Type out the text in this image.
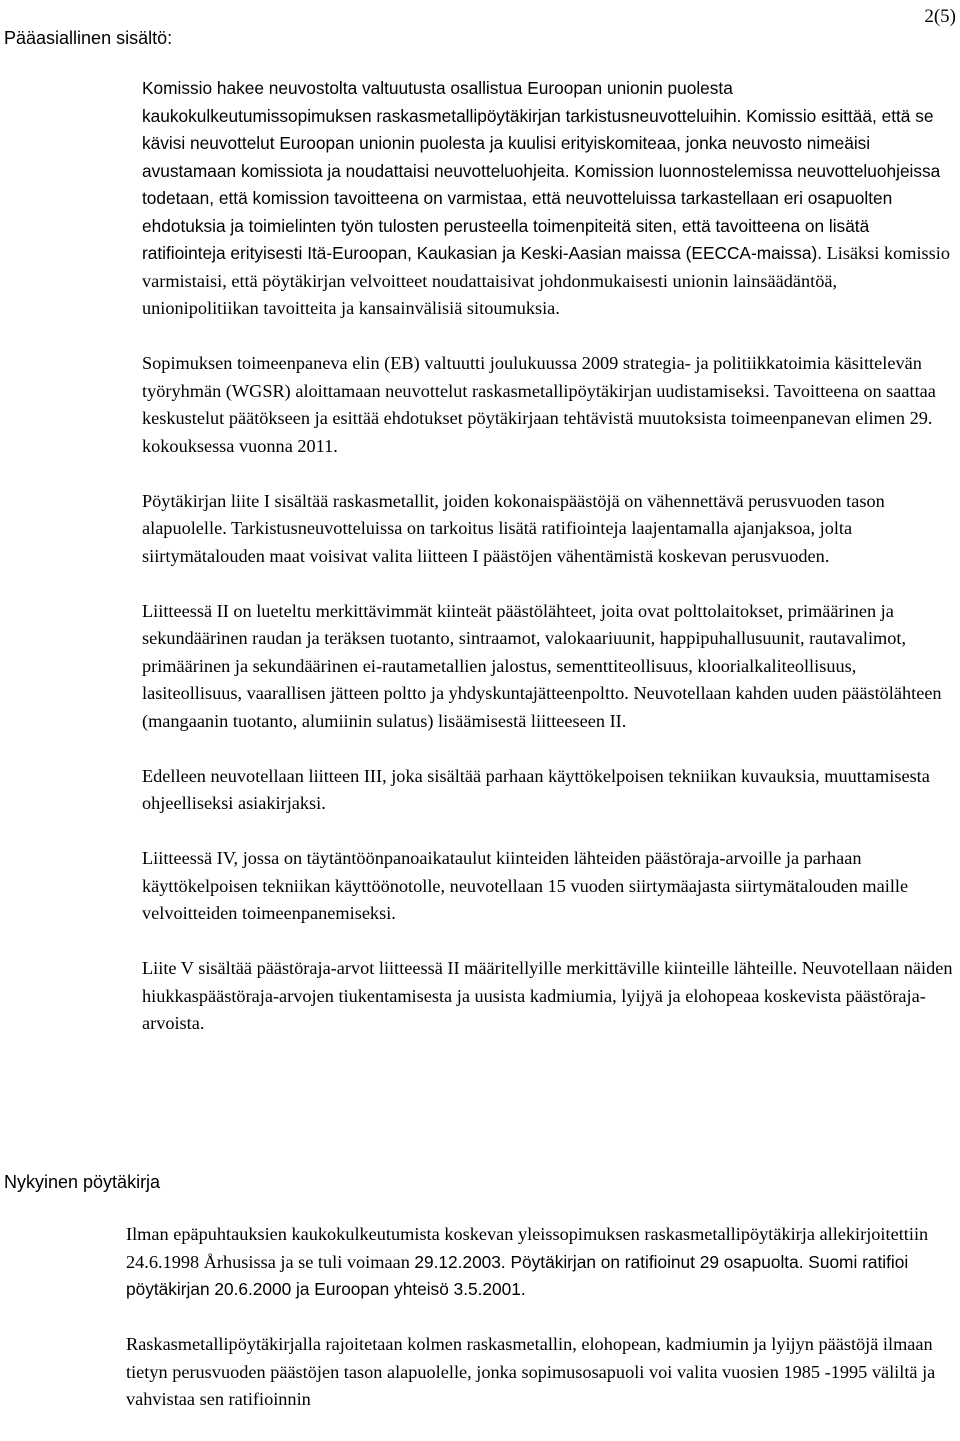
2(5)
Pääasiallinen sisältö:

Komissio hakee neuvostolta valtuutusta osallistua Euroopan unionin puolesta kaukokulkeutumissopimuksen raskasmetallipöytäkirjan tarkistusneuvotteluihin. Komissio esittää, että se kävisi neuvottelut Euroopan unionin puolesta ja kuulisi erityiskomiteaa, jonka neuvosto nimeäisi avustamaan komissiota ja noudattaisi neuvotteluohjeita. Komission luonnostelemissa neuvotteluohjeissa todetaan, että komission tavoitteena on varmistaa, että neuvotteluissa tarkastellaan eri osapuolten ehdotuksia ja toimielinten työn tulosten perusteella toimenpiteitä siten, että tavoitteena on lisätä ratifiointeja erityisesti Itä-Euroopan, Kaukasian ja Keski-Aasian maissa (EECCA-maissa). Lisäksi komissio varmistaisi, että pöytäkirjan velvoitteet noudattaisivat johdonmukaisesti unionin lainsäädäntöä, unionipolitiikan tavoitteita ja kansainvälisiä sitoumuksia.

Sopimuksen toimeenpaneva elin (EB) valtuutti joulukuussa 2009 strategia- ja politiikkatoimia käsittelevän työryhmän (WGSR) aloittamaan neuvottelut raskasmetallipöytäkirjan uudistamiseksi. Tavoitteena on saattaa keskustelut päätökseen ja esittää ehdotukset pöytäkirjaan tehtävistä muutoksista toimeenpanevan elimen 29. kokouksessa vuonna 2011.

Pöytäkirjan liite I sisältää raskasmetallit, joiden kokonaispäästöjä on vähennettävä perusvuoden tason alapuolelle. Tarkistusneuvotteluissa on tarkoitus lisätä ratifiointeja laajentamalla ajanjaksoa, jolta siirtymätalouden maat voisivat valita liitteen I päästöjen vähentämistä koskevan perusvuoden.

Liitteessä II on lueteltu merkittävimmät kiinteät päästölähteet, joita ovat polttolaitokset, primäärinen ja sekundäärinen raudan ja teräksen tuotanto, sintraamot, valokaariuunit, happipuhallusuunit, rautavalimot, primäärinen ja sekundäärinen ei-rautametallien jalostus, sementtiteollisuus, kloorialkaliteollisuus, lasiteollisuus, vaarallisen jätteen poltto ja yhdyskuntajätteenpoltto. Neuvotellaan kahden uuden päästölähteen (mangaanin tuotanto, alumiinin sulatus) lisäämisestä liitteeseen II.

Edelleen neuvotellaan liitteen III, joka sisältää parhaan käyttökelpoisen tekniikan kuvauksia, muuttamisesta ohjeelliseksi asiakirjaksi.

Liitteessä IV, jossa on täytäntöönpanoaikataulut kiinteiden lähteiden päästöraja-arvoille ja parhaan käyttökelpoisen tekniikan käyttöönotolle, neuvotellaan 15 vuoden siirtymäajasta siirtymätalouden maille velvoitteiden toimeenpanemiseksi.

Liite V sisältää päästöraja-arvot liitteessä II määritellyille merkittäville kiinteille lähteille. Neuvotellaan näiden hiukkaspäästöraja-arvojen tiukentamisesta ja uusista kadmiumia, lyijyä ja elohopeaa koskevista päästöraja-arvoista.

Nykyinen pöytäkirja

Ilman epäpuhtauksien kaukokulkeutumista koskevan yleissopimuksen raskasmetallipöytäkirja allekirjoitettiin 24.6.1998 Århusissa ja se tuli voimaan 29.12.2003. Pöytäkirjan on ratifioinut 29 osapuolta. Suomi ratifioi pöytäkirjan 20.6.2000 ja Euroopan yhteisö 3.5.2001.

Raskasmetallipöytäkirjalla rajoitetaan kolmen raskasmetallin, elohopean, kadmiumin ja lyijyn päästöjä ilmaan tietyn perusvuoden päästöjen tason alapuolelle, jonka sopimusosapuoli voi valita vuosien 1985 -1995 väliltä ja vahvistaa sen ratifioinnin
